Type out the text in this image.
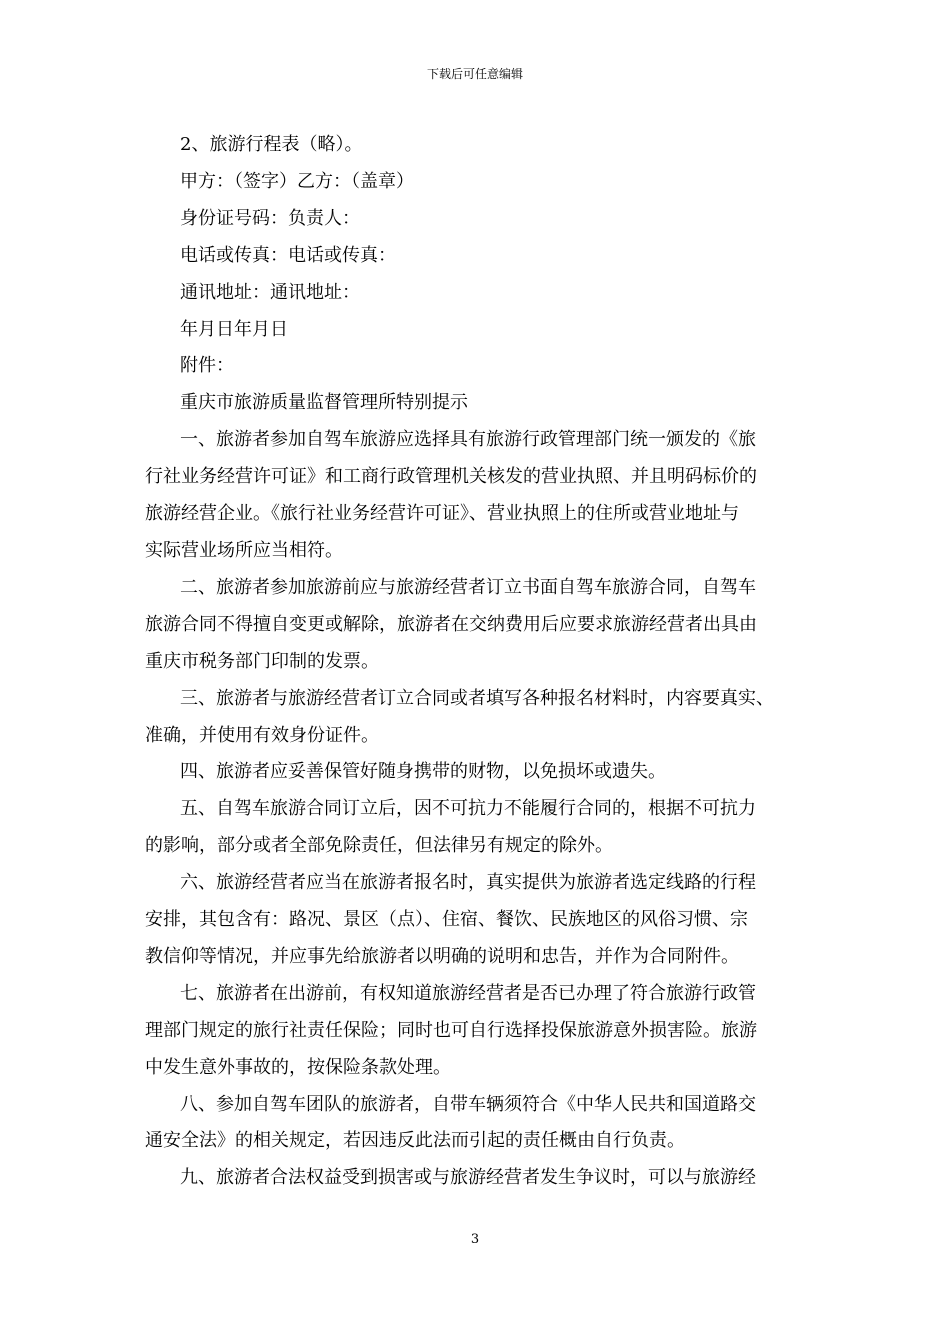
下载后可任意编辑
2、旅游行程表（略）。
甲方：（签字）乙方：（盖章）
身份证号码：负责人：
电话或传真：电话或传真：
通讯地址：通讯地址：
年月日年月日
附件：
重庆市旅游质量监督管理所特别提示
一、旅游者参加自驾车旅游应选择具有旅游行政管理部门统一颁发的《旅
行社业务经营许可证》和工商行政管理机关核发的营业执照、并且明码标价的
旅游经营企业。《旅行社业务经营许可证》、营业执照上的住所或营业地址与
实际营业场所应当相符。
二、旅游者参加旅游前应与旅游经营者订立书面自驾车旅游合同，自驾车
旅游合同不得擅自变更或解除，旅游者在交纳费用后应要求旅游经营者出具由
重庆市税务部门印制的发票。
三、旅游者与旅游经营者订立合同或者填写各种报名材料时，内容要真实、
准确，并使用有效身份证件。
四、旅游者应妥善保管好随身携带的财物，以免损坏或遗失。
五、自驾车旅游合同订立后，因不可抗力不能履行合同的，根据不可抗力
的影响，部分或者全部免除责任，但法律另有规定的除外。
六、旅游经营者应当在旅游者报名时，真实提供为旅游者选定线路的行程
安排，其包含有：路况、景区（点）、住宿、餐饮、民族地区的风俗习惯、宗
教信仰等情况，并应事先给旅游者以明确的说明和忠告，并作为合同附件。
七、旅游者在出游前，有权知道旅游经营者是否已办理了符合旅游行政管
理部门规定的旅行社责任保险；同时也可自行选择投保旅游意外损害险。旅游
中发生意外事故的，按保险条款处理。
八、参加自驾车团队的旅游者，自带车辆须符合《中华人民共和国道路交
通安全法》的相关规定，若因违反此法而引起的责任概由自行负责。
九、旅游者合法权益受到损害或与旅游经营者发生争议时，可以与旅游经
3
